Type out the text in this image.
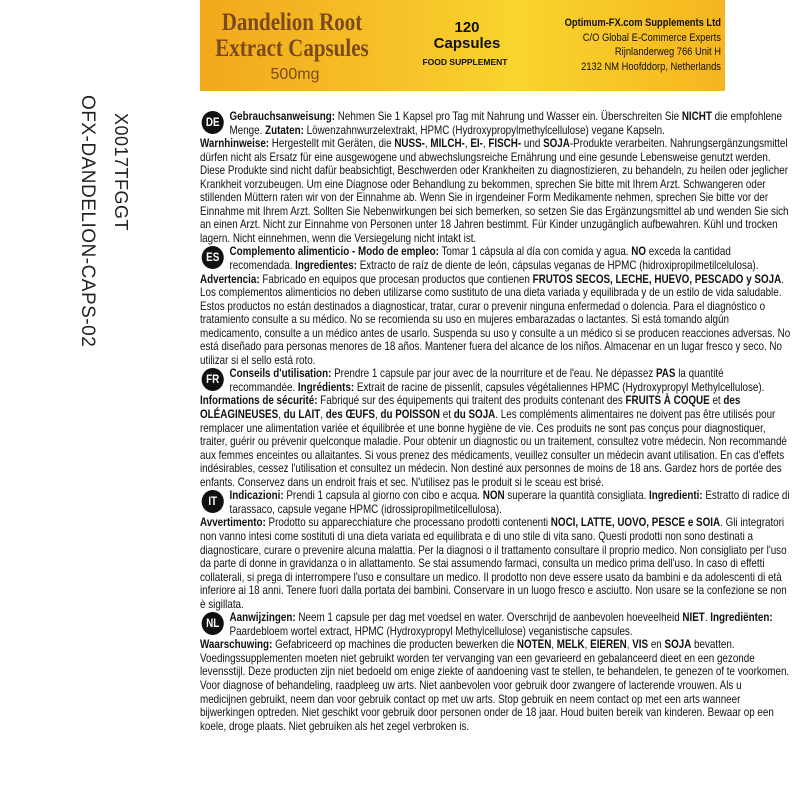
OFX-DANDELION-CAPS-02 X0017TFGGT
Dandelion Root
Extract Capsules
500mg
120
Capsules
FOOD SUPPLEMENT
Optimum-FX.com Supplements Ltd
C/O Global E-Commerce Experts
Rijnlanderweg 766 Unit H
2132 NM Hoofddorp, Netherlands
DE Gebrauchsanweisung: Nehmen Sie 1 Kapsel pro Tag mit Nahrung und Wasser ein. Überschreiten Sie NICHT die empfohlene Menge. Zutaten: Löwenzahnwurzelextrakt, HPMC (Hydroxypropylmethylcellulose) vegane Kapseln.

Warnhinweise: Hergestellt mit Geräten, die NUSS-, MILCH-, EI-, FISCH- und SOJA-Produkte verarbeiten. Nahrungsergänzungsmittel dürfen nicht als Ersatz für eine ausgewogene und abwechslungsreiche Ernährung und eine gesunde Lebensweise genutzt werden. Diese Produkte sind nicht dafür beabsichtigt, Beschwerden oder Krankheiten zu diagnostizieren, zu behandeln, zu heilen oder jeglicher Krankheit vorzubeugen. Um eine Diagnose oder Behandlung zu bekommen, sprechen Sie bitte mit Ihrem Arzt. Schwangeren oder stillenden Müttern raten wir von der Einnahme ab. Wenn Sie in irgendeiner Form Medikamente nehmen, sprechen Sie bitte vor der Einnahme mit Ihrem Arzt. Sollten Sie Nebenwirkungen bei sich bemerken, so setzen Sie das Ergänzungsmittel ab und wenden Sie sich an einen Arzt. Nicht zur Einnahme von Personen unter 18 Jahren bestimmt. Für Kinder unzugänglich aufbewahren. Kühl und trocken lagern. Nicht einnehmen, wenn die Versiegelung nicht intakt ist.

ES Complemento alimenticio - Modo de empleo: Tomar 1 cápsula al día con comida y agua. NO exceda la cantidad recomendada. Ingredientes: Extracto de raíz de diente de león, cápsulas veganas de HPMC (hidroxipropilmetilcelulosa).

Advertencia: Fabricado en equipos que procesan productos que contienen FRUTOS SECOS, LECHE, HUEVO, PESCADO y SOJA. Los complementos alimenticios no deben utilizarse como sustituto de una dieta variada y equilibrada y de un estilo de vida saludable. Estos productos no están destinados a diagnosticar, tratar, curar o prevenir ninguna enfermedad o dolencia. Para el diagnóstico o tratamiento consulte a su médico. No se recomienda su uso en mujeres embarazadas o lactantes. Si está tomando algún medicamento, consulte a un médico antes de usarlo. Suspenda su uso y consulte a un médico si se producen reacciones adversas. No está diseñado para personas menores de 18 años. Mantener fuera del alcance de los niños. Almacenar en un lugar fresco y seco. No utilizar si el sello está roto.

FR Conseils d'utilisation: Prendre 1 capsule par jour avec de la nourriture et de l'eau. Ne dépassez PAS la quantité recommandée. Ingrédients: Extrait de racine de pissenlit, capsules végétaliennes HPMC (Hydroxypropyl Methylcellulose).

Informations de sécurité: Fabriqué sur des équipements qui traitent des produits contenant des FRUITS À COQUE et des OLÉAGINEUSES, du LAIT, des ŒUFS, du POISSON et du SOJA. Les compléments alimentaires ne doivent pas être utilisés pour remplacer une alimentation variée et équilibrée et une bonne hygiène de vie. Ces produits ne sont pas conçus pour diagnostiquer, traiter, guérir ou prévenir quelconque maladie. Pour obtenir un diagnostic ou un traitement, consultez votre médecin. Non recommandé aux femmes enceintes ou allaitantes. Si vous prenez des médicaments, veuillez consulter un médecin avant utilisation. En cas d'effets indésirables, cessez l'utilisation et consultez un médecin. Non destiné aux personnes de moins de 18 ans. Gardez hors de portée des enfants. Conservez dans un endroit frais et sec. N'utilisez pas le produit si le sceau est brisé.

IT	Indicazioni: Prendi 1 capsula al giorno con cibo e acqua. NON superare la quantità consigliata. Ingredienti: Estratto di radice di tarassaco, capsule vegane HPMC (idrossipropilmetilcellulosa).

Avvertimento: Prodotto su apparecchiature che processano prodotti contenenti NOCI, LATTE, UOVO, PESCE e SOIA. Gli integratori non vanno intesi come sostituti di una dieta variata ed equilibrata e di uno stile di vita sano. Questi prodotti non sono destinati a diagnosticare, curare o prevenire alcuna malattia. Per la diagnosi o il trattamento consultare il proprio medico. Non consigliato per l'uso da parte di donne in gravidanza o in allattamento. Se stai assumendo farmaci, consulta un medico prima dell'uso. In caso di effetti collaterali, si prega di interrompere l'uso e consultare un medico. Il prodotto non deve essere usato da bambini e da adolescenti di età inferiore ai 18 anni. Tenere fuori dalla portata dei bambini. Conservare in un luogo fresco e asciutto. Non usare se la confezione se non è sigillata.

NL Aanwijzingen: Neem 1 capsule per dag met voedsel en water. Overschrijd de aanbevolen hoeveelheid NIET. Ingrediënten: Paardebloem wortel extract, HPMC (Hydroxypropyl Methylcellulose) veganistische capsules.

Waarschuwing: Gefabriceerd op machines die producten bewerken die NOTEN, MELK, EIEREN, VIS en SOJA bevatten. Voedingssupplementen moeten niet gebruikt worden ter vervanging van een gevarieerd en gebalanceerd dieet en een gezonde levensstijl. Deze producten zijn niet bedoeld om enige ziekte of aandoening vast te stellen, te behandelen, te genezen of te voorkomen. Voor diagnose of behandeling, raadpleeg uw arts. Niet aanbevolen voor gebruik door zwangere of lacterende vrouwen. Als u medicijnen gebruikt, neem dan voor gebruik contact op met uw arts. Stop gebruik en neem contact op met een arts wanneer bijwerkingen optreden. Niet geschikt voor gebruik door personen onder de 18 jaar. Houd buiten bereik van kinderen. Bewaar op een koele, droge plaats. Niet gebruiken als het zegel verbroken is.
